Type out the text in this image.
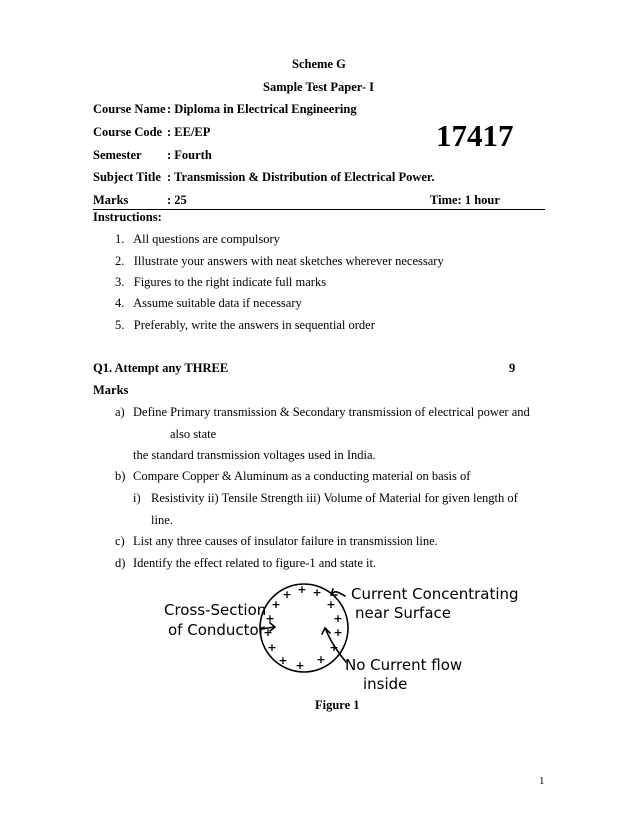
Scheme G
Sample Test Paper- I
Course Name : Diploma in Electrical Engineering
Course Code : EE/EP	17417
Semester : Fourth
Subject Title : Transmission & Distribution of Electrical Power.
Marks	: 25	Time: 1 hour
Instructions:
1. All questions are compulsory
2. Illustrate your answers with neat sketches wherever necessary
3. Figures to the right indicate full marks
4. Assume suitable data if necessary
5. Preferably, write the answers in sequential order
Q1. Attempt any THREE	9
Marks
a) Define Primary transmission & Secondary transmission of electrical power and
also state
the standard transmission voltages used in India.
b) Compare Copper & Aluminum as a conducting material on basis of
i) Resistivity ii) Tensile Strength iii) Volume of Material for given length of
line.
c) List any three causes of insulator failure in transmission line.
d) Identify the effect related to figure-1 and state it.
+ + +
+
+
+	+
+	+
+	+
+	+
+
Cross-Section
of Conductor
Current Concentrating
near Surface
No Current flow
inside
Figure 1
1
